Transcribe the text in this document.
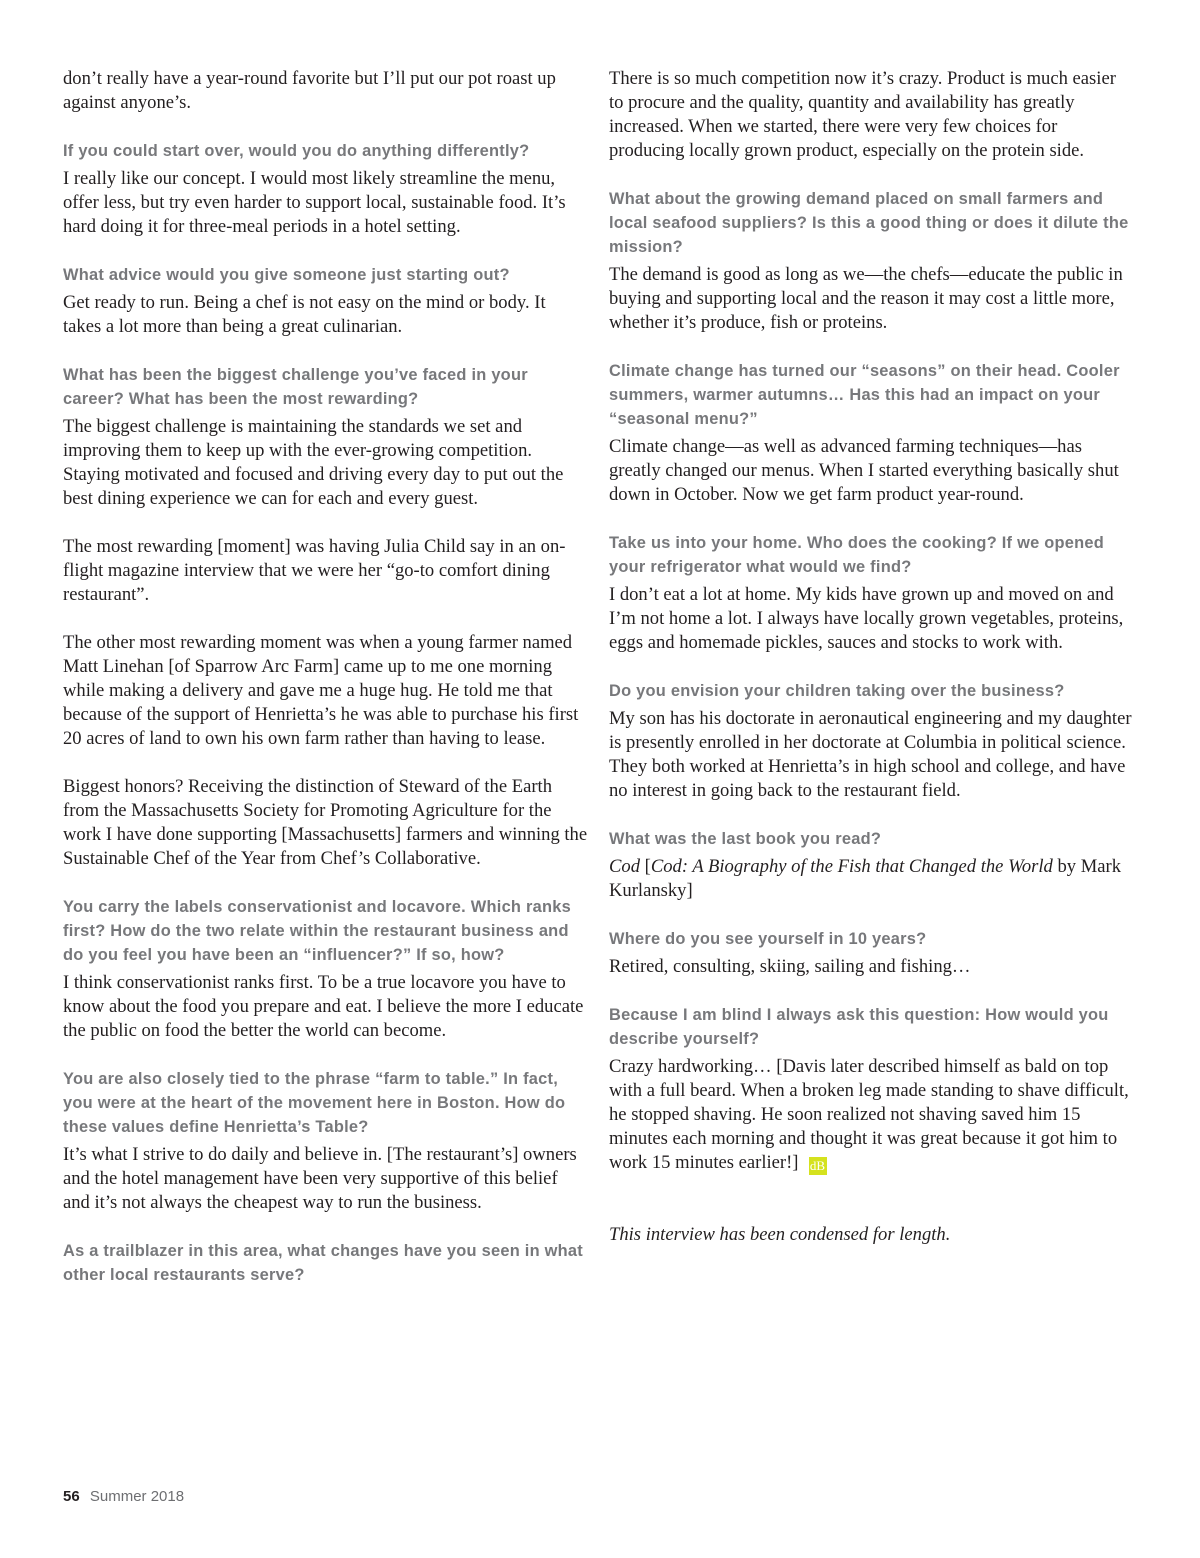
don’t really have a year-round favorite but I’ll put our pot roast up against anyone’s.

If you could start over, would you do anything differently?

I really like our concept. I would most likely streamline the menu, offer less, but try even harder to support local, sustainable food. It’s hard doing it for three-meal periods in a hotel setting.

What advice would you give someone just starting out?

Get ready to run. Being a chef is not easy on the mind or body. It takes a lot more than being a great culinarian.

What has been the biggest challenge you’ve faced in your career? What has been the most rewarding?

The biggest challenge is maintaining the standards we set and improving them to keep up with the ever-growing competition. Staying motivated and focused and driving every day to put out the best dining experience we can for each and every guest.

The most rewarding [moment] was having Julia Child say in an on-flight magazine interview that we were her “go-to comfort dining restaurant”.

The other most rewarding moment was when a young farmer named Matt Linehan [of Sparrow Arc Farm] came up to me one morning while making a delivery and gave me a huge hug. He told me that because of the support of Henrietta’s he was able to purchase his first 20 acres of land to own his own farm rather than having to lease.

Biggest honors? Receiving the distinction of Steward of the Earth from the Massachusetts Society for Promoting Agriculture for the work I have done supporting [Massachusetts] farmers and winning the Sustainable Chef of the Year from Chef’s Collaborative.

You carry the labels conservationist and locavore. Which ranks first? How do the two relate within the restaurant business and do you feel you have been an “influencer?” If so, how?

I think conservationist ranks first. To be a true locavore you have to know about the food you prepare and eat. I believe the more I educate the public on food the better the world can become.

You are also closely tied to the phrase “farm to table.” In fact, you were at the heart of the movement here in Boston. How do these values define Henrietta’s Table?

It’s what I strive to do daily and believe in. [The restaurant’s] owners and the hotel management have been very supportive of this belief and it’s not always the cheapest way to run the business.

As a trailblazer in this area, what changes have you seen in what other local restaurants serve?

There is so much competition now it’s crazy. Product is much easier to procure and the quality, quantity and availability has greatly increased. When we started, there were very few choices for producing locally grown product, especially on the protein side.

What about the growing demand placed on small farmers and local seafood suppliers? Is this a good thing or does it dilute the mission?

The demand is good as long as we—the chefs—educate the public in buying and supporting local and the reason it may cost a little more, whether it’s produce, fish or proteins.

Climate change has turned our “seasons” on their head. Cooler summers, warmer autumns… Has this had an impact on your “seasonal menu?”

Climate change—as well as advanced farming techniques—has greatly changed our menus. When I started everything basically shut down in October. Now we get farm product year-round.

Take us into your home. Who does the cooking? If we opened your refrigerator what would we find?

I don’t eat a lot at home. My kids have grown up and moved on and I’m not home a lot. I always have locally grown vegetables, proteins, eggs and homemade pickles, sauces and stocks to work with.

Do you envision your children taking over the business?

My son has his doctorate in aeronautical engineering and my daughter is presently enrolled in her doctorate at Columbia in political science. They both worked at Henrietta’s in high school and college, and have no interest in going back to the restaurant field.

What was the last book you read?

Cod [Cod: A Biography of the Fish that Changed the World by Mark Kurlansky]

Where do you see yourself in 10 years?

Retired, consulting, skiing, sailing and fishing…

Because I am blind I always ask this question: How would you describe yourself?

Crazy hardworking… [Davis later described himself as bald on top with a full beard. When a broken leg made standing to shave difficult, he stopped shaving. He soon realized not shaving saved him 15 minutes each morning and thought it was great because it got him to work 15 minutes earlier!] dB

This interview has been condensed for length.

56 Summer 2018
